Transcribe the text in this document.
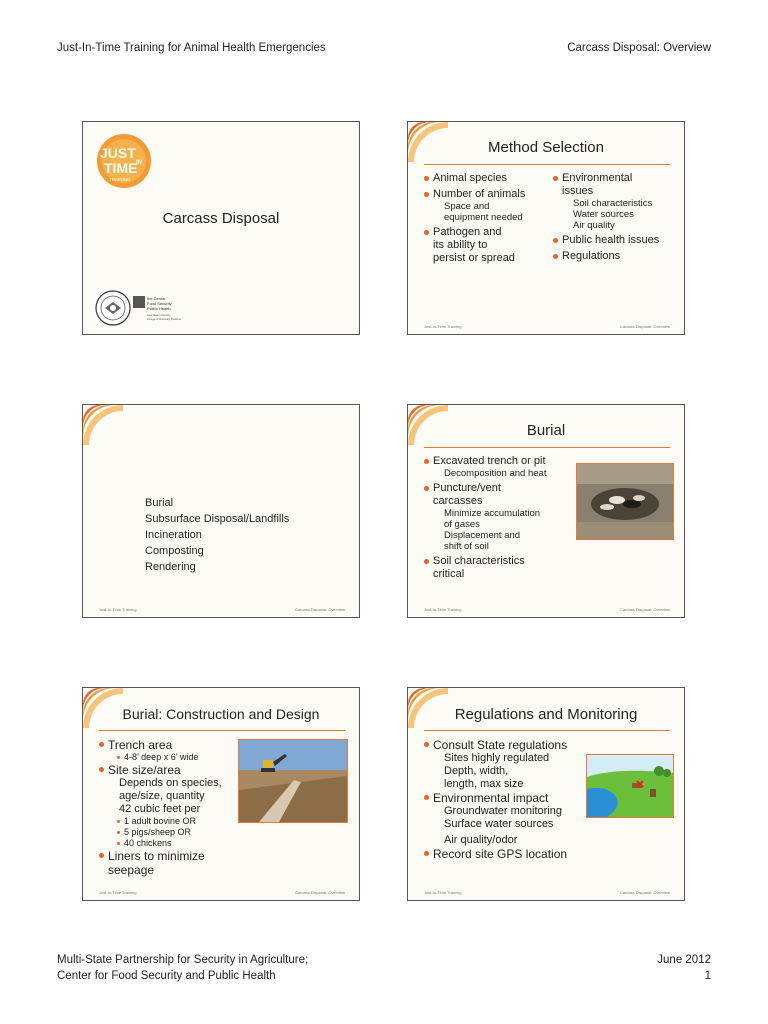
Just-In-Time Training for Animal Health Emergencies	Carcass Disposal: Overview
JUST
IN
TIME
TRAINING
Carcass Disposal
the Center
Food Security
Public Health
Iowa State University
College of Veterinary Medicine
Method Selection
Animal species
Number of animals
Space and
equipment needed
Pathogen and
its ability to
persist or spread
Environmental
issues
Soil characteristics
Water sources
Air quality
Public health issues
Regulations
Just-In-Time Training	Carcass Disposal: Overview
Burial
Subsurface Disposal/Landfills
Incineration
Composting
Rendering
Just-In-Time Training	Carcass Disposal: Overview
Burial
Excavated trench or pit
Decomposition and heat
Puncture/vent
carcasses
Minimize accumulation
of gases
Displacement and
shift of soil
Soil characteristics
critical
Just-In-Time Training	Carcass Disposal: Overview
Burial: Construction and Design
Trench area
4-8’ deep x 6’ wide
Site size/area
Depends on species,
age/size, quantity
42 cubic feet per
1 adult bovine OR
5 pigs/sheep OR
40 chickens
Liners to minimize seepage
Just-In-Time Training	Carcass Disposal: Overview
Regulations and Monitoring
Consult State regulations
Sites highly regulated
Depth, width,
length, max size
Environmental impact
Groundwater monitoring
Surface water sources
Air quality/odor
Record site GPS location
Just-In-Time Training	Carcass Disposal: Overview
Multi-State Partnership for Security in Agriculture;
Center for Food Security and Public Health
June 2012
1
